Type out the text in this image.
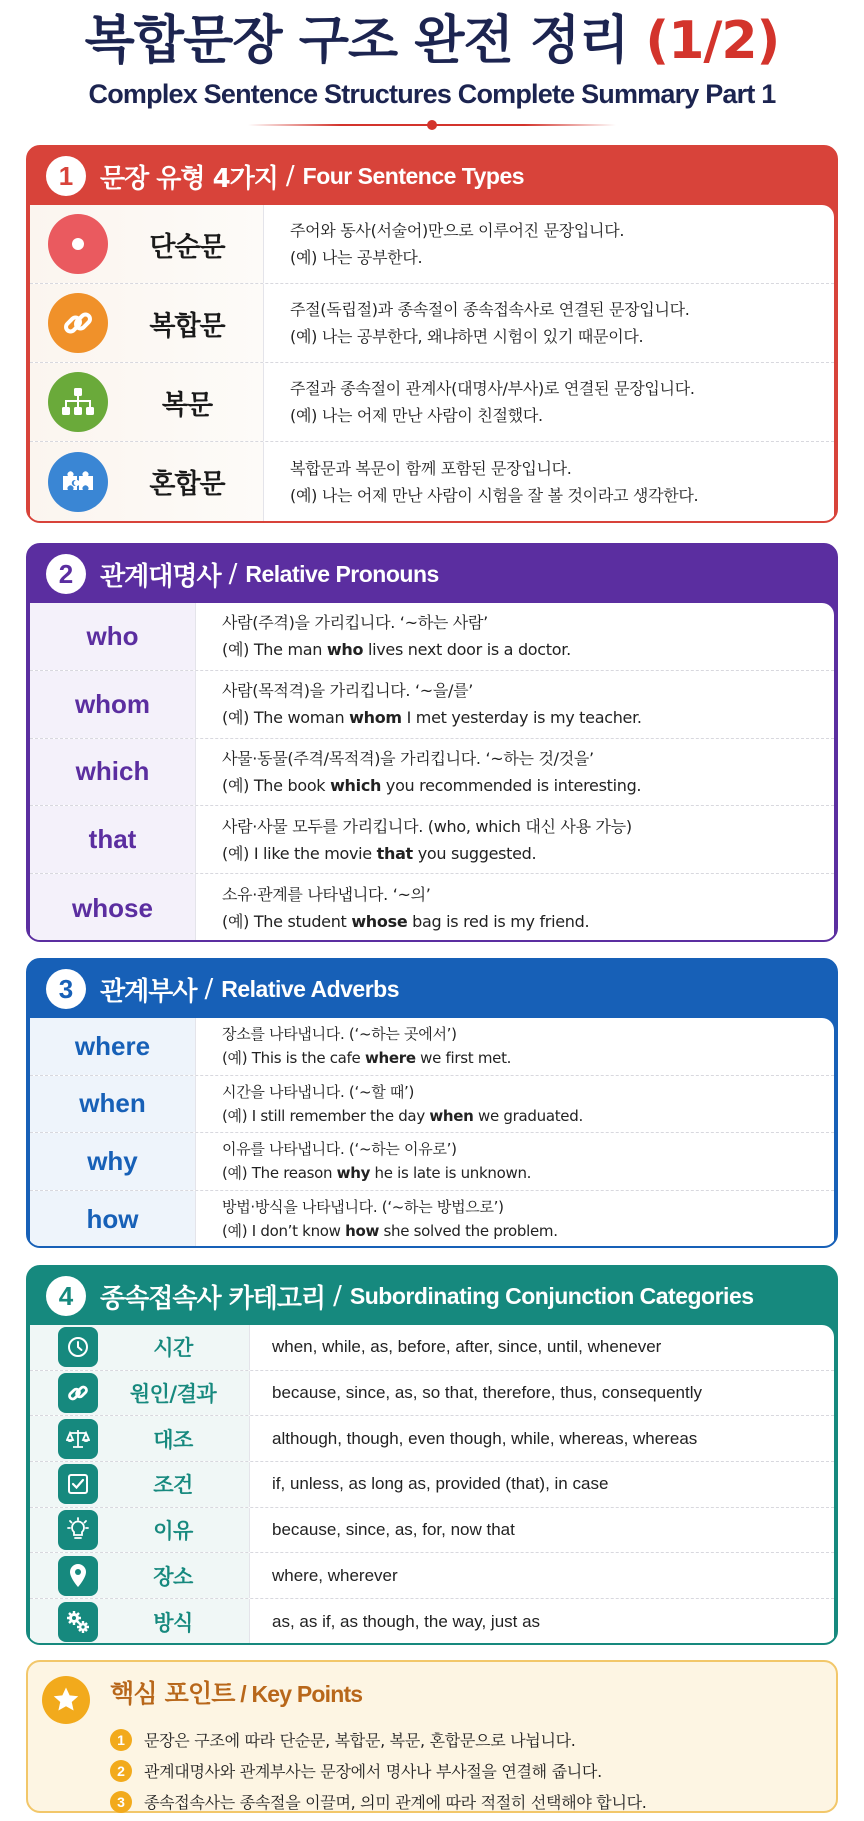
복합문장 구조 완전 정리 (1/2)
Complex Sentence Structures Complete Summary Part 1
1	문장 유형 4가지 / Four Sentence Types
단순문
주어와 동사(서술어)만으로 이루어진 문장입니다.
(예) 나는 공부한다.
복합문
주절(독립절)과 종속절이 종속접속사로 연결된 문장입니다.
(예) 나는 공부한다, 왜냐하면 시험이 있기 때문이다.
복문
주절과 종속절이 관계사(대명사/부사)로 연결된 문장입니다.
(예) 나는 어제 만난 사람이 친절했다.
혼합문
복합문과 복문이 함께 포함된 문장입니다.
(예) 나는 어제 만난 사람이 시험을 잘 볼 것이라고 생각한다.
2	관계대명사 / Relative Pronouns
who	사람(주격)을 가리킵니다. ‘~하는 사람’
(예) The man who lives next door is a doctor.
whom	사람(목적격)을 가리킵니다. ‘~을/를’
(예) The woman whom I met yesterday is my teacher.
which	사물·동물(주격/목적격)을 가리킵니다. ‘~하는 것/것을’
(예) The book which you recommended is interesting.
that	사람·사물 모두를 가리킵니다. (who, which 대신 사용 가능)
(예) I like the movie that you suggested.
whose	소유·관계를 나타냅니다. ‘~의’
(예) The student whose bag is red is my friend.
3	관계부사 / Relative Adverbs
where	장소를 나타냅니다. (‘~하는 곳에서’)
(예) This is the cafe where we first met.
when	시간을 나타냅니다. (‘~할 때’)
(예) I still remember the day when we graduated.
why	이유를 나타냅니다. (‘~하는 이유로’)
(예) The reason why he is late is unknown.
how	방법·방식을 나타냅니다. (‘~하는 방법으로’)
(예) I don’t know how she solved the problem.
4	종속접속사 카테고리 / Subordinating Conjunction Categories
시간	when, while, as, before, after, since, until, whenever
원인/결과	because, since, as, so that, therefore, thus, consequently
대조	although, though, even though, while, whereas, whereas
조건	if, unless, as long as, provided (that), in case
이유	because, since, as, for, now that
장소	where, wherever
방식	as, as if, as though, the way, just as
핵심 포인트 / Key Points
1	문장은 구조에 따라 단순문, 복합문, 복문, 혼합문으로 나뉩니다.
2	관계대명사와 관계부사는 문장에서 명사나 부사절을 연결해 줍니다.
3	종속접속사는 종속절을 이끌며, 의미 관계에 따라 적절히 선택해야 합니다.
